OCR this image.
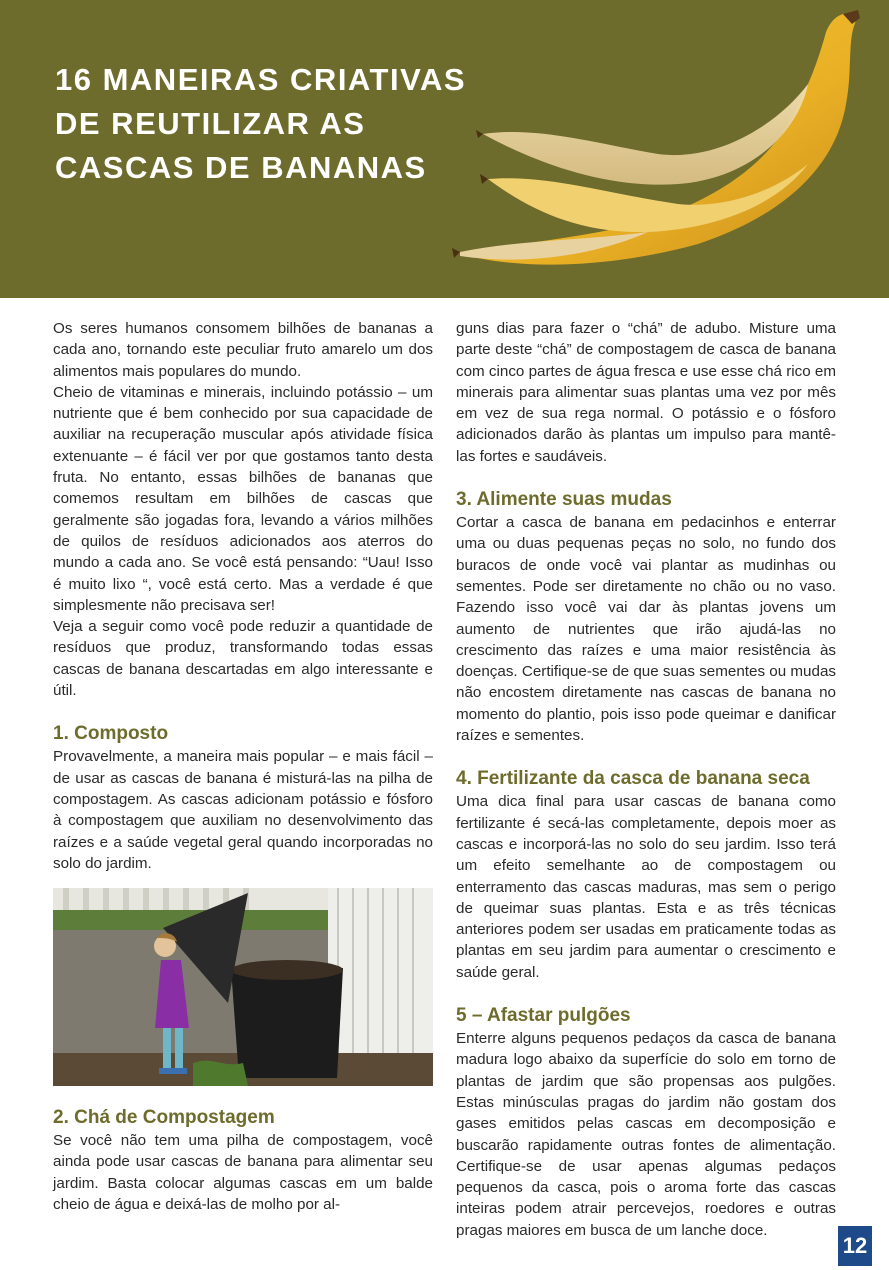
16 MANEIRAS CRIATIVAS
DE REUTILIZAR AS
CASCAS DE BANANAS

Os seres humanos consomem bilhões de bananas a cada ano, tornando este peculiar fruto amarelo um dos alimentos mais populares do mundo.

Cheio de vitaminas e minerais, incluindo potássio – um nutriente que é bem conhecido por sua capacidade de auxiliar na recuperação muscular após atividade física extenuante – é fácil ver por que gostamos tanto desta fruta. No entanto, essas bilhões de bananas que comemos resultam em bilhões de cascas que geralmente são jogadas fora, levando a vários milhões de quilos de resíduos adicionados aos aterros do mundo a cada ano. Se você está pensando: “Uau! Isso é muito lixo “, você está certo. Mas a verdade é que simplesmente não precisava ser!

Veja a seguir como você pode reduzir a quantidade de resíduos que produz, transformando todas essas cascas de banana descartadas em algo interessante e útil.

1. Composto

Provavelmente, a maneira mais popular – e mais fácil – de usar as cascas de banana é misturá-las na pilha de compostagem. As cascas adicionam potássio e fósforo à compostagem que auxiliam no desenvolvimento das raízes e a saúde vegetal geral quando incorporadas no solo do jardim.

2. Chá de Compostagem

Se você não tem uma pilha de compostagem, você ainda pode usar cascas de banana para alimentar seu jardim. Basta colocar algumas cascas em um balde cheio de água e deixá-las de molho por al-

guns dias para fazer o “chá” de adubo. Misture uma parte deste “chá” de compostagem de casca de banana com cinco partes de água fresca e use esse chá rico em minerais para alimentar suas plantas uma vez por mês em vez de sua rega normal. O potássio e o fósforo adicionados darão às plantas um impulso para mantê-las fortes e saudáveis.

3. Alimente suas mudas

Cortar a casca de banana em pedacinhos e enterrar uma ou duas pequenas peças no solo, no fundo dos buracos de onde você vai plantar as mudinhas ou sementes. Pode ser diretamente no chão ou no vaso. Fazendo isso você vai dar às plantas jovens um aumento de nutrientes que irão ajudá-las no crescimento das raízes e uma maior resistência às doenças. Certifique-se de que suas sementes ou mudas não encostem diretamente nas cascas de banana no momento do plantio, pois isso pode queimar e danificar raízes e sementes.

4. Fertilizante da casca de banana seca

Uma dica final para usar cascas de banana como fertilizante é secá-las completamente, depois moer as cascas e incorporá-las no solo do seu jardim. Isso terá um efeito semelhante ao de compostagem ou enterramento das cascas maduras, mas sem o perigo de queimar suas plantas. Esta e as três técnicas anteriores podem ser usadas em praticamente todas as plantas em seu jardim para aumentar o crescimento e saúde geral.

5 – Afastar pulgões

Enterre alguns pequenos pedaços da casca de banana madura logo abaixo da superfície do solo em torno de plantas de jardim que são propensas aos pulgões. Estas minúsculas pragas do jardim não gostam dos gases emitidos pelas cascas em decomposição e buscarão rapidamente outras fontes de alimentação. Certifique-se de usar apenas algumas pedaços pequenos da casca, pois o aroma forte das cascas inteiras podem atrair percevejos, roedores e outras pragas maiores em busca de um lanche doce.

12
